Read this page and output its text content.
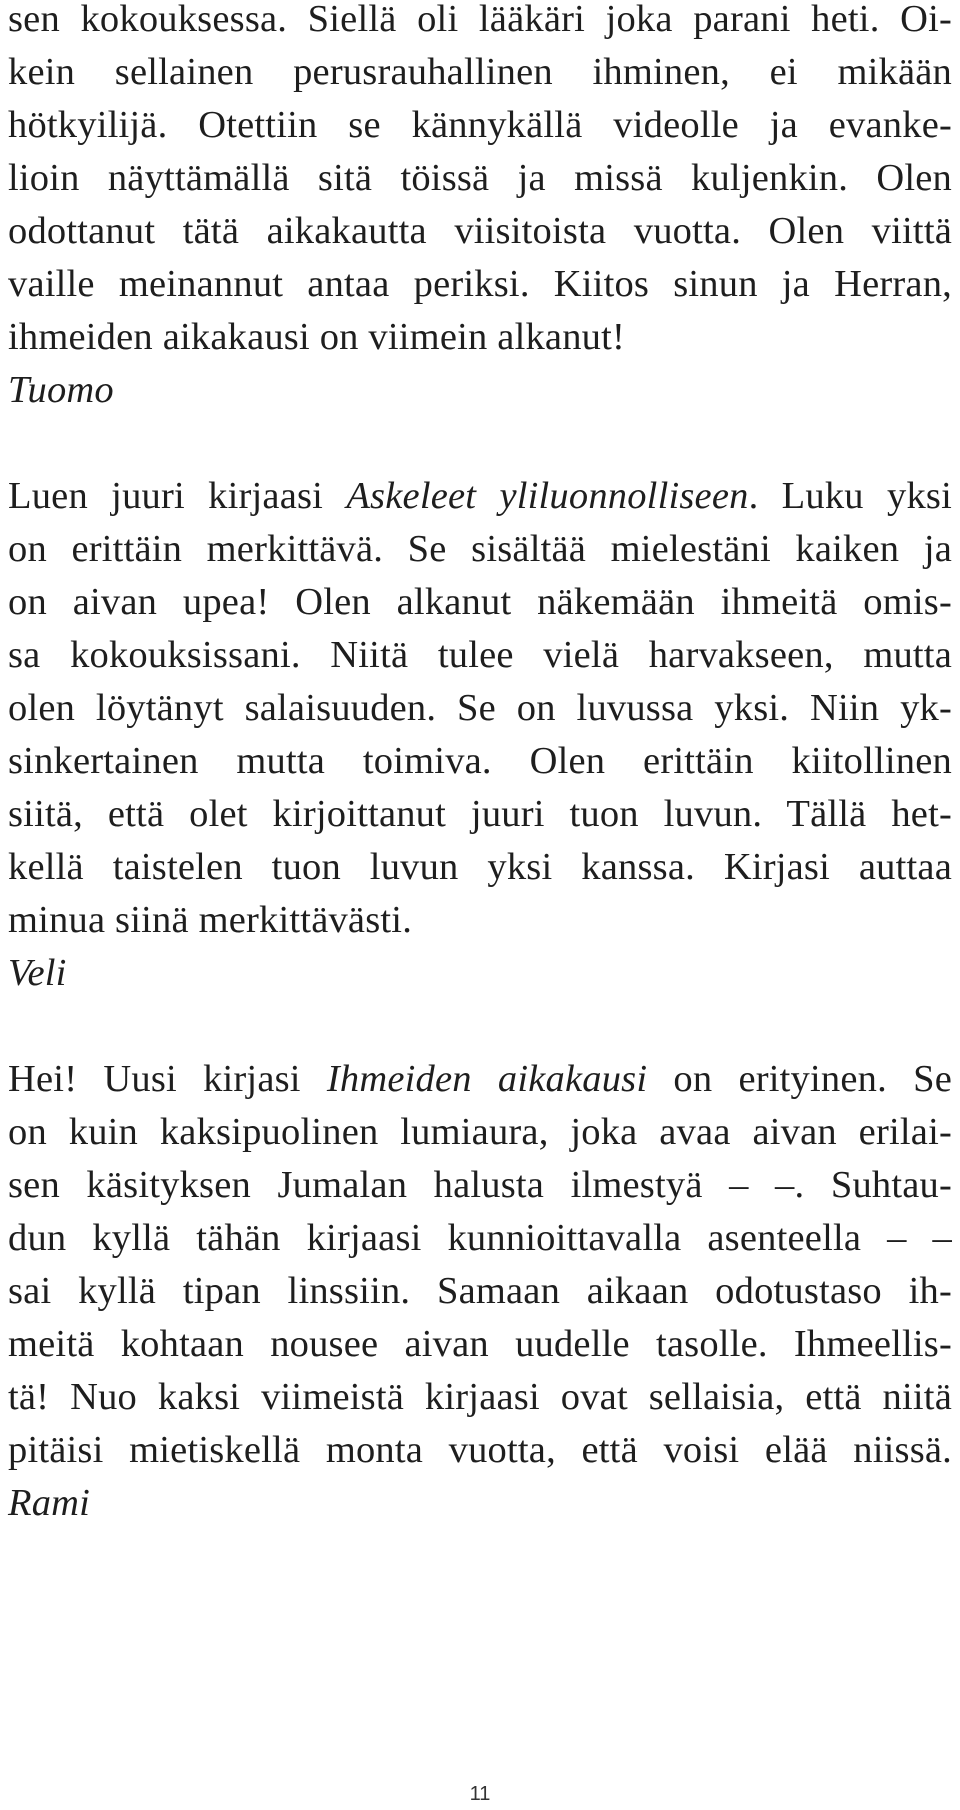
sen kokouksessa. Siellä oli lääkäri joka parani heti. Oi-
kein sellainen perusrauhallinen ihminen, ei mikään
hötkyilijä. Otettiin se kännykällä videolle ja evanke-
lioin näyttämällä sitä töissä ja missä kuljenkin. Olen
odottanut tätä aikakautta viisitoista vuotta. Olen viittä
vaille meinannut antaa periksi. Kiitos sinun ja Herran,
ihmeiden aikakausi on viimein alkanut!
Tuomo
Luen juuri kirjaasi Askeleet yliluonnolliseen. Luku yksi
on erittäin merkittävä. Se sisältää mielestäni kaiken ja
on aivan upea! Olen alkanut näkemään ihmeitä omis-
sa kokouksissani. Niitä tulee vielä harvakseen, mutta
olen löytänyt salaisuuden. Se on luvussa yksi. Niin yk-
sinkertainen mutta toimiva. Olen erittäin kiitollinen
siitä, että olet kirjoittanut juuri tuon luvun. Tällä het-
kellä taistelen tuon luvun yksi kanssa. Kirjasi auttaa
minua siinä merkittävästi.
Veli
Hei! Uusi kirjasi Ihmeiden aikakausi on erityinen. Se
on kuin kaksipuolinen lumiaura, joka avaa aivan erilai-
sen käsityksen Jumalan halusta ilmestyä – –. Suhtau-
dun kyllä tähän kirjaasi kunnioittavalla asenteella – –
sai kyllä tipan linssiin. Samaan aikaan odotustaso ih-
meitä kohtaan nousee aivan uudelle tasolle. Ihmeellis-
tä! Nuo kaksi viimeistä kirjaasi ovat sellaisia, että niitä
pitäisi mietiskellä monta vuotta, että voisi elää niissä.
Rami
11
